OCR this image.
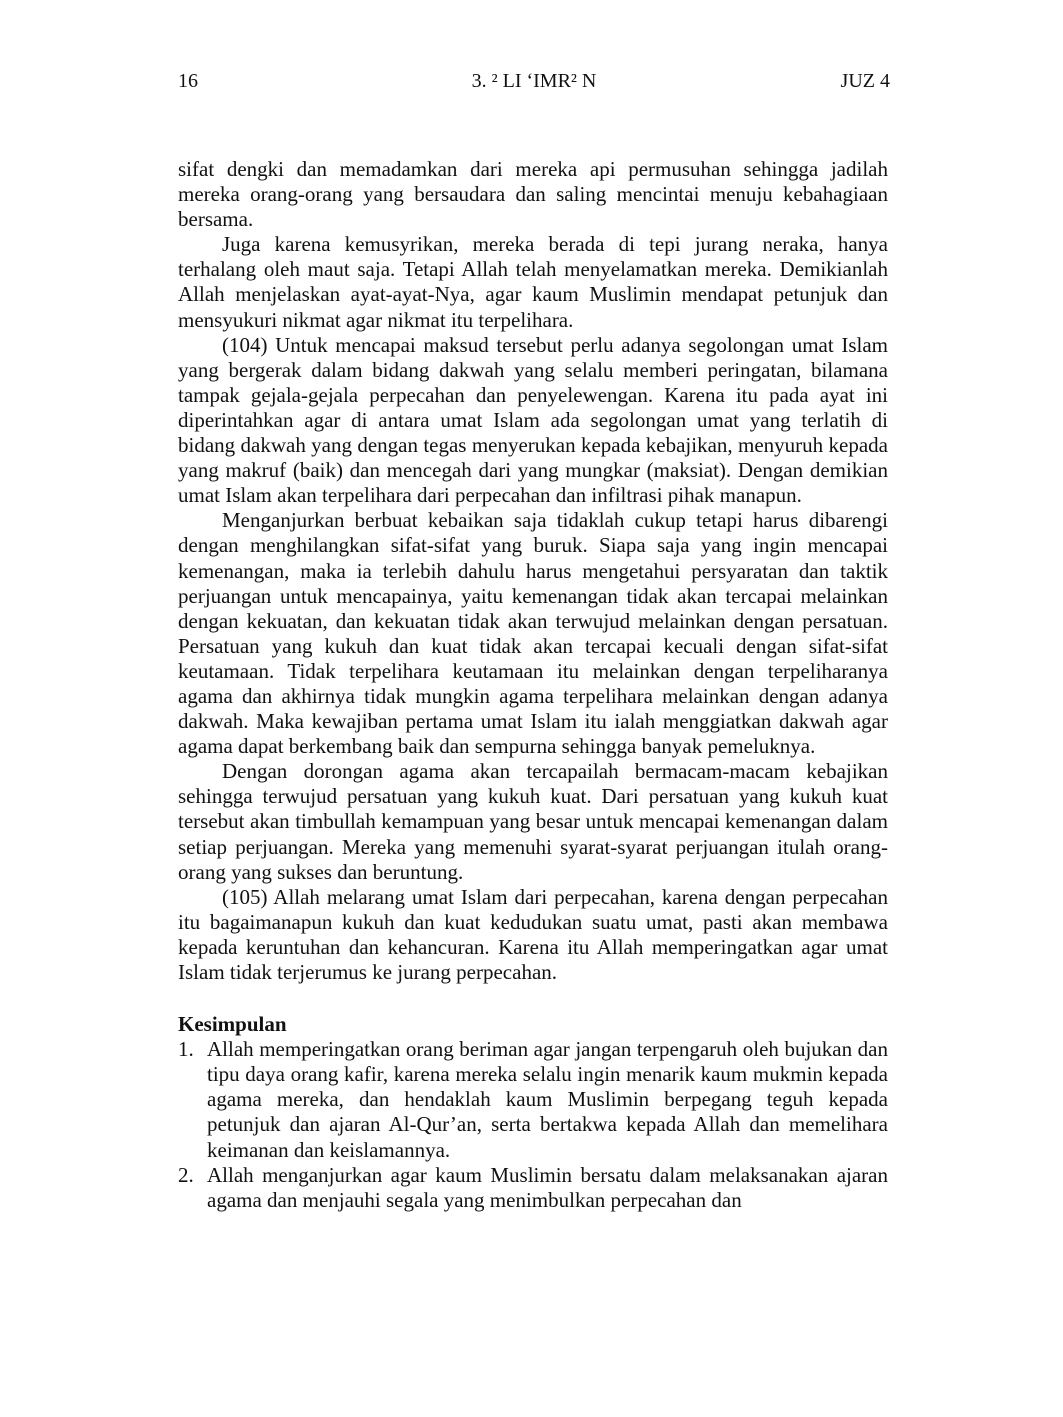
16	3. ² LI ‘IMR² N	JUZ 4

sifat dengki dan memadamkan dari mereka api permusuhan sehingga jadilah mereka orang-orang yang bersaudara dan saling mencintai menuju kebahagiaan bersama.

Juga karena kemusyrikan, mereka berada di tepi jurang neraka, hanya terhalang oleh maut saja. Tetapi Allah telah menyelamatkan mereka. Demikianlah Allah menjelaskan ayat-ayat-Nya, agar kaum Muslimin mendapat petunjuk dan mensyukuri nikmat agar nikmat itu terpelihara.

(104) Untuk mencapai maksud tersebut perlu adanya segolongan umat Islam yang bergerak dalam bidang dakwah yang selalu memberi peringatan, bilamana tampak gejala-gejala perpecahan dan penyelewengan. Karena itu pada ayat ini diperintahkan agar di antara umat Islam ada segolongan umat yang terlatih di bidang dakwah yang dengan tegas menyerukan kepada kebajikan, menyuruh kepada yang makruf (baik) dan mencegah dari yang mungkar (maksiat). Dengan demikian umat Islam akan terpelihara dari perpecahan dan infiltrasi pihak manapun.

Menganjurkan berbuat kebaikan saja tidaklah cukup tetapi harus dibarengi dengan menghilangkan sifat-sifat yang buruk. Siapa saja yang ingin mencapai kemenangan, maka ia terlebih dahulu harus mengetahui persyaratan dan taktik perjuangan untuk mencapainya, yaitu kemenangan tidak akan tercapai melainkan dengan kekuatan, dan kekuatan tidak akan terwujud melainkan dengan persatuan. Persatuan yang kukuh dan kuat tidak akan tercapai kecuali dengan sifat-sifat keutamaan. Tidak terpelihara keutamaan itu melainkan dengan terpeliharanya agama dan akhirnya tidak mungkin agama terpelihara melainkan dengan adanya dakwah. Maka kewajiban pertama umat Islam itu ialah menggiatkan dakwah agar agama dapat berkembang baik dan sempurna sehingga banyak pemeluknya.

Dengan dorongan agama akan tercapailah bermacam-macam kebajikan sehingga terwujud persatuan yang kukuh kuat. Dari persatuan yang kukuh kuat tersebut akan timbullah kemampuan yang besar untuk mencapai kemenangan dalam setiap perjuangan. Mereka yang memenuhi syarat-syarat perjuangan itulah orang-orang yang sukses dan beruntung.

(105) Allah melarang umat Islam dari perpecahan, karena dengan perpecahan itu bagaimanapun kukuh dan kuat kedudukan suatu umat, pasti akan membawa kepada keruntuhan dan kehancuran. Karena itu Allah memperingatkan agar umat Islam tidak terjerumus ke jurang perpecahan.

Kesimpulan
1. Allah memperingatkan orang beriman agar jangan terpengaruh oleh bujukan dan tipu daya orang kafir, karena mereka selalu ingin menarik kaum mukmin kepada agama mereka, dan hendaklah kaum Muslimin berpegang teguh kepada petunjuk dan ajaran Al-Qur’an, serta bertakwa kepada Allah dan memelihara keimanan dan keislamannya.
2. Allah menganjurkan agar kaum Muslimin bersatu dalam melaksanakan ajaran agama dan menjauhi segala yang menimbulkan perpecahan dan
